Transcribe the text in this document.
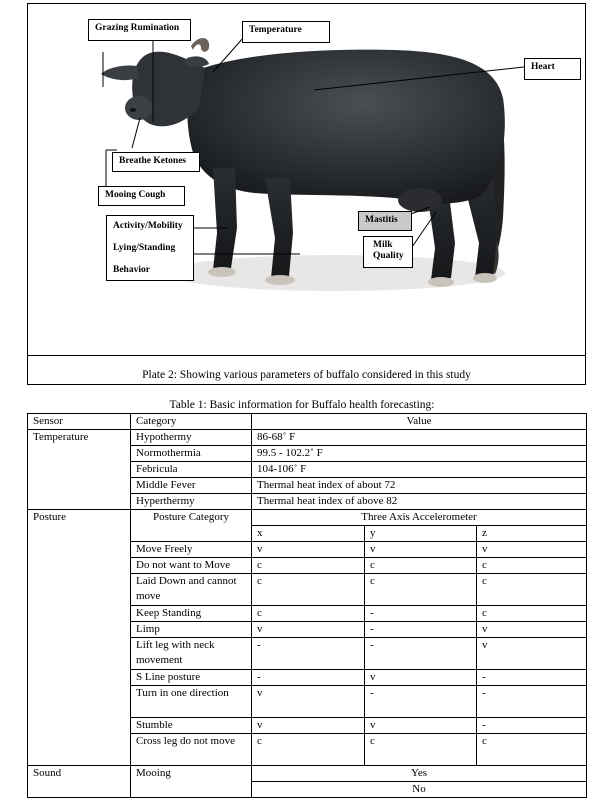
Plate 2: Showing various parameters of buffalo considered in this study
Grazing Rumination	Temperature
Heart
Breathe Ketones
Mooing Cough
Activity/Mobility
Lying/Standing
Behavior
Mastitis
Milk
Quality
Table 1: Basic information for Buffalo health forecasting:
Sensor	Category	Value		
Temperature	Hypothermy	86-68˚ F		
	Normothermia	99.5 - 102.2˚ F		
	Febricula	104-106˚ F		
	Middle Fever	Thermal heat index of about 72		
	Hyperthermy	Thermal heat index of above 82		
Posture	Posture Category	Three Axis Accelerometer		
		x	y	z
	Move Freely	v	v	v
	Do not want to Move	c	c	c
	Laid Down and cannot move	c	c	c
	Keep Standing	c	-	c
	Limp	v	-	v
	Lift leg with neck movement	-	-	v
	S Line posture	-	v	-
	Turn in one direction	v	-	-
	Stumble	v	v	-
	Cross leg do not move	c	c	c
Sound	Mooing	Yes		
		No		
